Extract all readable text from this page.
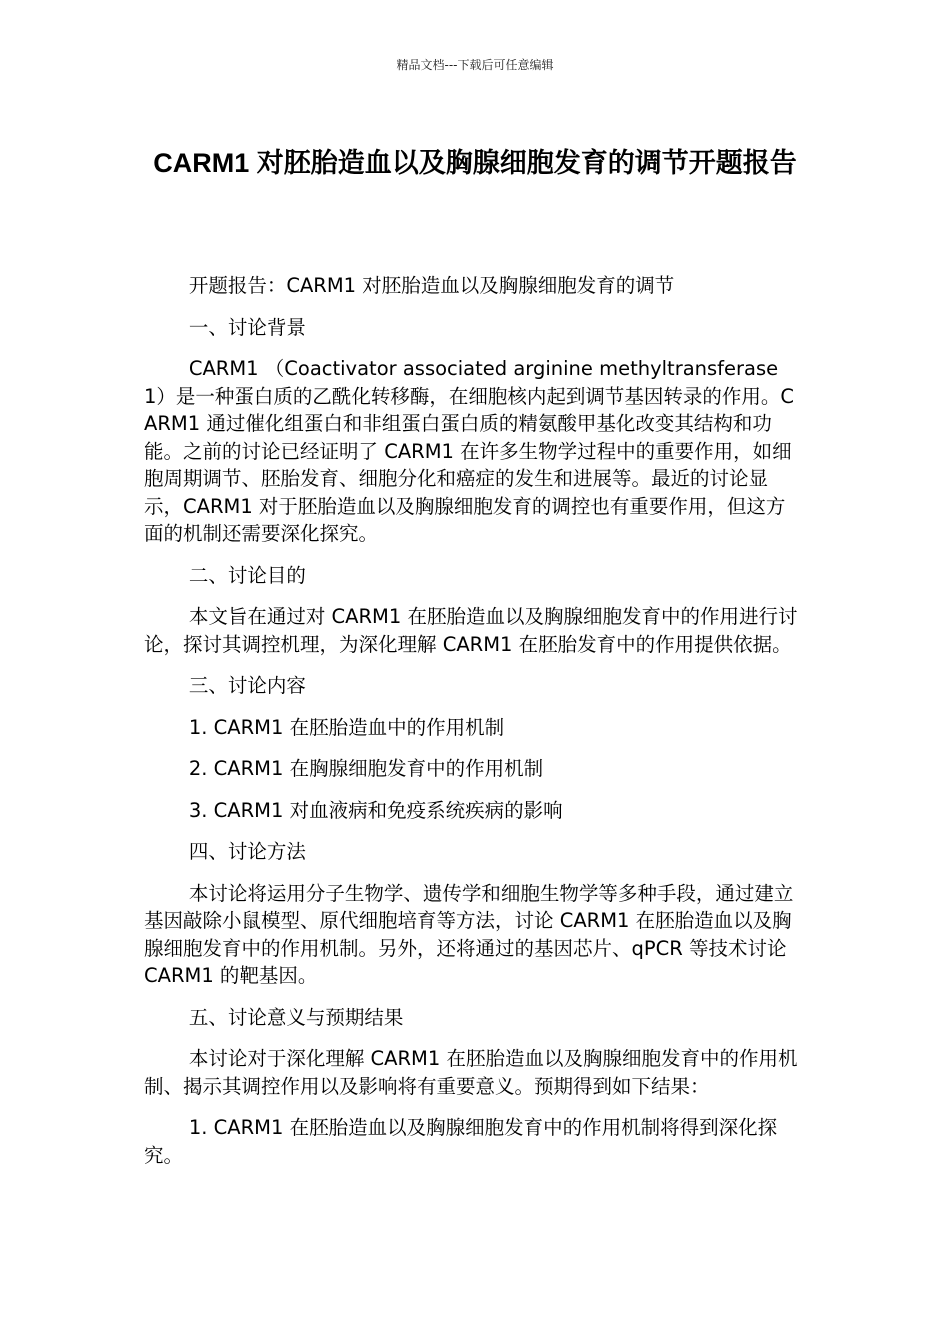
精品文档---下载后可任意编辑
CARM1 对胚胎造血以及胸腺细胞发育的调节开题报告

开题报告：CARM1 对胚胎造血以及胸腺细胞发育的调节

一、讨论背景

CARM1 （Coactivator associated arginine methyltransferase 1）是一种蛋白质的乙酰化转移酶，在细胞核内起到调节基因转录的作用。CARM1 通过催化组蛋白和非组蛋白蛋白质的精氨酸甲基化改变其结构和功能。之前的讨论已经证明了 CARM1 在许多生物学过程中的重要作用，如细胞周期调节、胚胎发育、细胞分化和癌症的发生和进展等。最近的讨论显示，CARM1 对于胚胎造血以及胸腺细胞发育的调控也有重要作用，但这方面的机制还需要深化探究。

二、讨论目的

本文旨在通过对 CARM1 在胚胎造血以及胸腺细胞发育中的作用进行讨论，探讨其调控机理，为深化理解 CARM1 在胚胎发育中的作用提供依据。

三、讨论内容

1. CARM1 在胚胎造血中的作用机制

2. CARM1 在胸腺细胞发育中的作用机制

3. CARM1 对血液病和免疫系统疾病的影响

四、讨论方法

本讨论将运用分子生物学、遗传学和细胞生物学等多种手段，通过建立基因敲除小鼠模型、原代细胞培育等方法，讨论 CARM1 在胚胎造血以及胸腺细胞发育中的作用机制。另外，还将通过的基因芯片、qPCR 等技术讨论 CARM1 的靶基因。

五、讨论意义与预期结果

本讨论对于深化理解 CARM1 在胚胎造血以及胸腺细胞发育中的作用机制、揭示其调控作用以及影响将有重要意义。预期得到如下结果：

1. CARM1 在胚胎造血以及胸腺细胞发育中的作用机制将得到深化探究。
